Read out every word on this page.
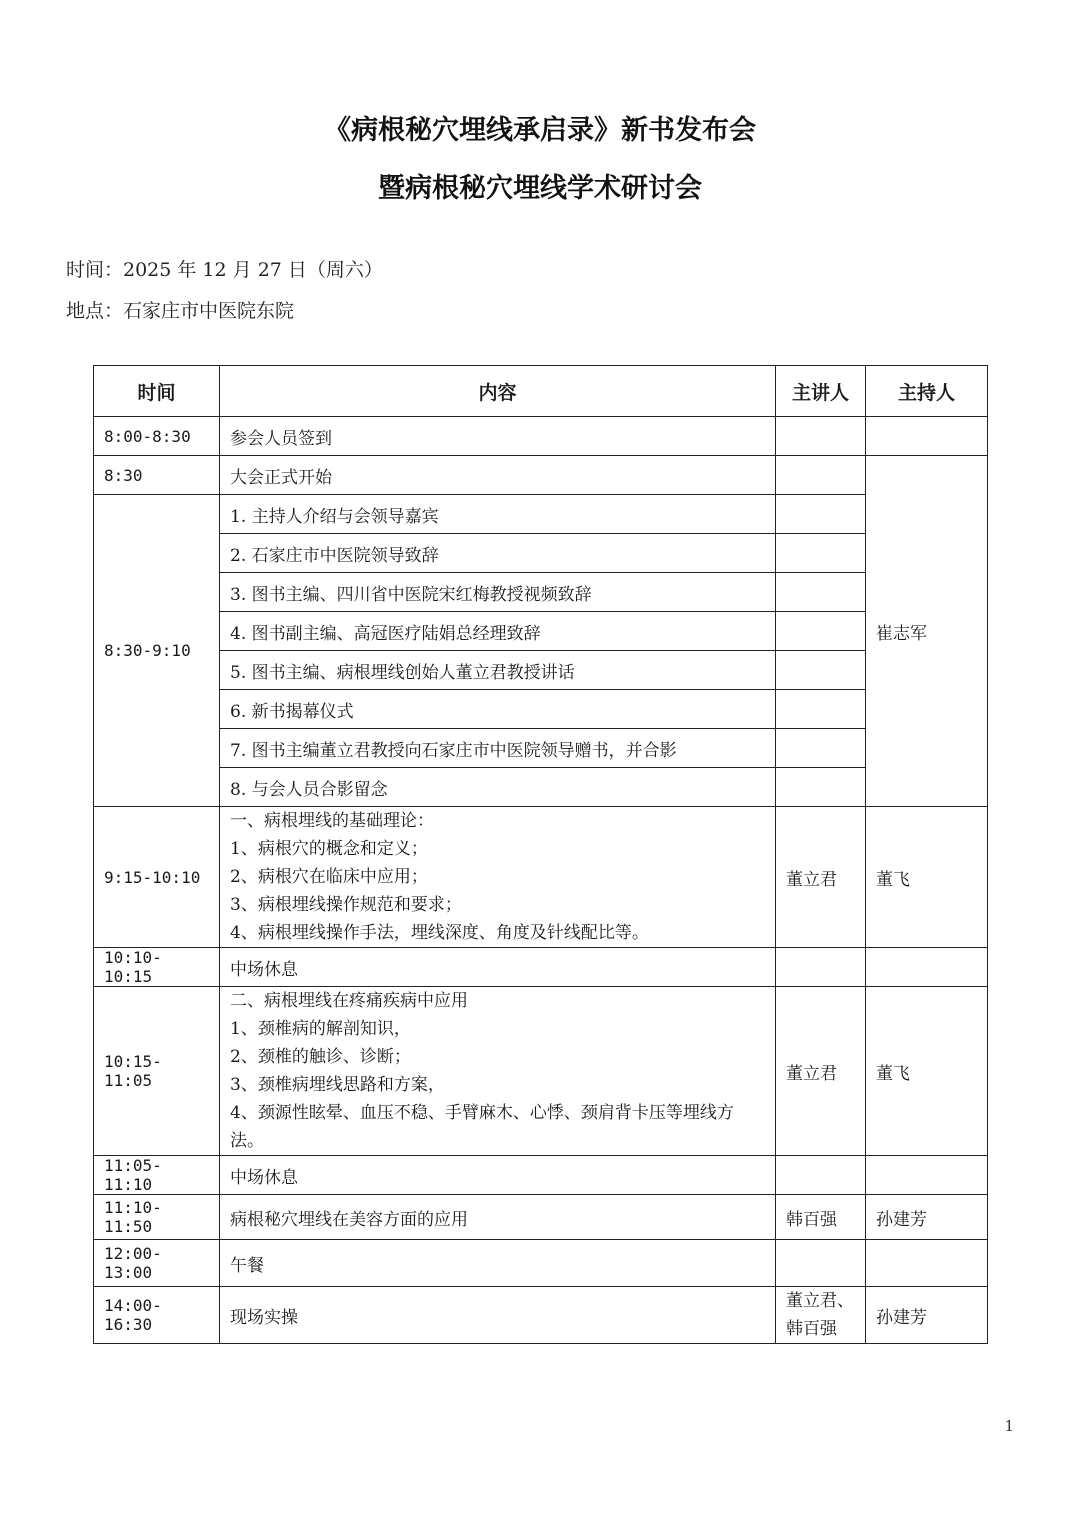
《病根秘穴埋线承启录》新书发布会
暨病根秘穴埋线学术研讨会
时间：2025 年 12 月 27 日（周六）
地点：石家庄市中医院东院
时间	内容	主讲人	主持人
8:00-8:30	参会人员签到		
8:30	大会正式开始		崔志军
8:30-9:10	1. 主持人介绍与会领导嘉宾		
	2. 石家庄市中医院领导致辞		
	3. 图书主编、四川省中医院宋红梅教授视频致辞		
	4. 图书副主编、高冠医疗陆娟总经理致辞		
	5. 图书主编、病根埋线创始人董立君教授讲话		
	6. 新书揭幕仪式		
	7. 图书主编董立君教授向石家庄市中医院领导赠书，并合影		
	8. 与会人员合影留念		
9:15-10:10	一、病根埋线的基础理论：
1、病根穴的概念和定义；
2、病根穴在临床中应用；
3、病根埋线操作规范和要求；
4、病根埋线操作手法，埋线深度、角度及针线配比等。	董立君	董飞
10:10-10:15	中场休息		
10:15-11:05	二、病根埋线在疼痛疾病中应用
1、颈椎病的解剖知识，
2、颈椎的触诊、诊断；
3、颈椎病埋线思路和方案，
4、颈源性眩晕、血压不稳、手臂麻木、心悸、颈肩背卡压等埋线方法。	董立君	董飞
11:05-11:10	中场休息		
11:10-11:50	病根秘穴埋线在美容方面的应用	韩百强	孙建芳
12:00-13:00	午餐		
14:00-16:30	现场实操	董立君、
韩百强	孙建芳
1
